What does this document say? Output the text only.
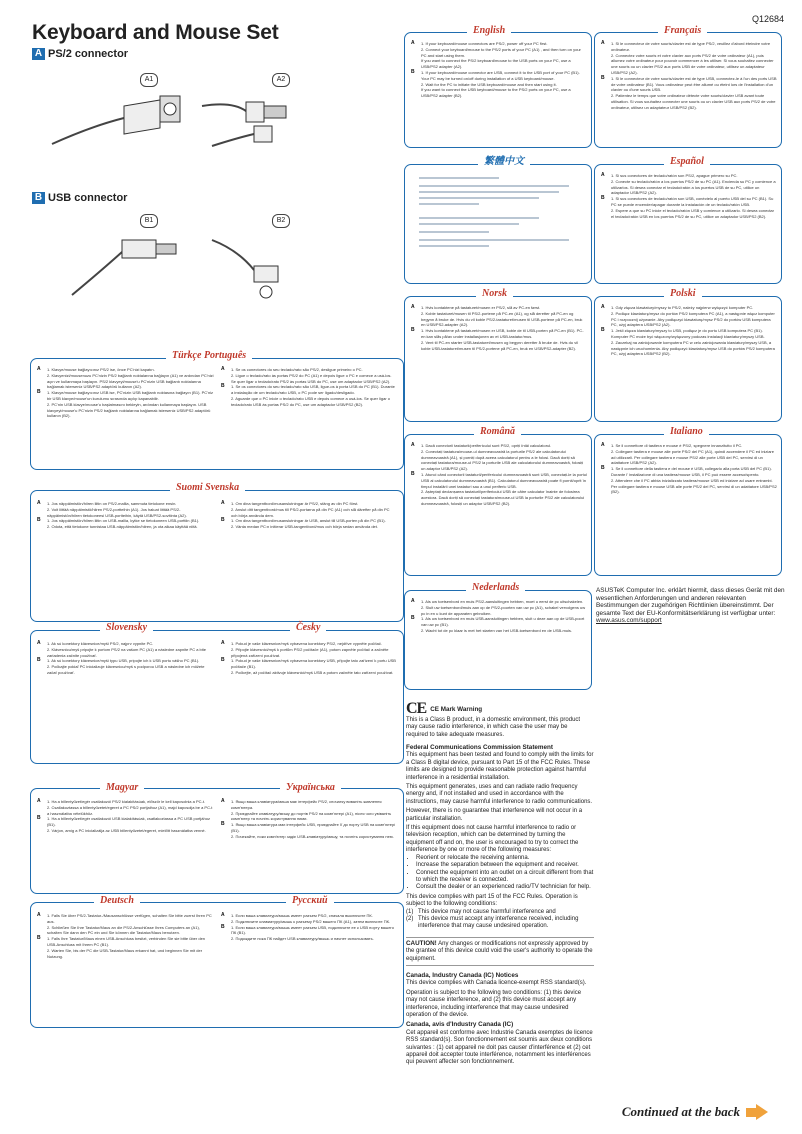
Q12684
Keyboard and Mouse Set
A PS/2 connector
A1	A2
B USB connector
B1	B2
A	1. If your keyboard/mouse connectors are PS/2, power off your PC first.
2. Connect your keyboard/mouse to the PS/2 ports of your PC (A1) , and then turn on your PC and start using them.
If you want to connect the PS/2 keyboard/mouse to the USB ports on your PC, use a USB/PS2 adapter (A2).
B	1. If your keyboard/mouse connector are USB, connect it to the USB port of your PC (B1). Your PC may be turned on/off during installation of a USB keyboard/mouse.
2. Wait for the PC to initiate the USB keyboard/mouse and then start using it.
If you want to connect the USB keyboard/mouse to the PS/2 ports on your PC, use a USB/PS2 adapter (B2).
English
A	1. Si le connecteur de votre souris/clavier est de type PS/2, veuillez d'abord éteindre votre ordinateur.
2. Connectez votre souris et votre clavier aux ports PS/2 de votre ordinateur (A1), puis allumez votre ordinateur pour pouvoir commencer à les utiliser. Si vous souhaitez connecter une souris ou un clavier PS/2 aux ports USB de votre ordinateur, utilisez un adaptateur USB/PS2 (A2).
B	1. Si le connecteur de votre souris/clavier est de type USB, connectez-le à l'un des ports USB de votre ordinateur (B1). Vous ordinateur peut être allumé ou éteint lors de l'installation d'un clavier ou d'une souris USB.
2. Patientez le temps que votre ordinateur détecte votre souris/clavier USB avant toute utilisation. Si vous souhaitez connecter une souris ou un clavier USB aux ports PS/2 de votre ordinateur, utilisez un adaptateur USB/PS2 (B2).
Français
繁體中文
A	1. Si sus conectores de teclado/ratón son PS/2, apague primero su PC.
2. Conecte su teclado/ratón a los puertos PS/2 de su PC (A1). Encienda su PC y comience a utilizarlos. Si desea conectar el teclado/ratón a los puertos USB de su PC, utilice un adaptador USB/PS2 (A2).
B	1. Si sus conectores de teclado/ratón son USB, conéctelo al puerto USB del su PC (B1). Su PC se puede encender/apagar durante la instalación de un teclado/ratón USB.
2. Espere a que su PC inicie el teclado/ratón USB y comience a utilizarlo. Si desea conectar el teclado/ratón USB en los puertos PS/2 de su PC, utilice un adaptador USB/PS2 (B2).
Español
A	1. Hvis kontaktene på tastaturet/musen er PS/2, slå av PC-en først.
2. Koble tastaturet/musen til PS/2-portene på PC-en (A1), og slå deretter på PC-en og begynn å bruke de. Hvis du vil koble PS/2-tastaturet/musen til USB-portene på PC-en, bruk en USB/PS2-adapter (A2).
B	1. Hvis kontaktene på tastaturet/musen er USB, koble de til USB-porten på PC-en (B1). PC-en kan slås på/av under installasjonen av et USB-tastatur/mus.
2. Vent til PC-en starter USB-tastaturet/musen og begynn deretter å bruke de. Hvis du vil koble USB-tastaturet/musen til PS/2-portene på PC-en, bruk en USB/PS2-adapter (B2).
Norsk
A	1. Gdy złącza klawiatury/myszy to PS/2, należy najpierw wyłączyć komputer PC.
2. Podłącz klawiaturę/mysz do portów PS/2 komputera PC (A1), a następnie włącz komputer PC i rozpocznij używanie. Aby podłączyć klawiaturę/mysz PS/2 do portów USB komputera PC, użyj adaptera USB/PS2 (A2).
B	1. Jeśli złącza klawiatury/myszy to USB, podłącz je do portu USB komputera PC (B1). Komputer PC może być włączony/wyłączony podczas instalacji klawiatury/myszy USB.
2. Zaczekaj na zainicjowanie komputera PC w celu zainicjowania klawiatury/myszy USB, a następnie ich uruchomienia. Aby podłączyć klawiaturę/mysz USB do portów PS/2 komputera PC, użyj adaptera USB/PS2 (B2).
Polski
A	1. Klavye/mouse bağlayıcınız PS/2 ise, önce PC'nizi kapatın.
2. Klavyenizi/mousenuzu PC'nizin PS/2 bağlantı noktalarına bağlayın (A1) ve ardından PC'nizi açın ve kullanmaya başlayın. PS/2 klavyeyi/mouse'u PC'nizin USB bağlantı noktalarına bağlamak isterseniz USB/PS2 adaptörü kullanın (A2).
B	1. Klavye/mouse bağlayıcınız USB ise, PC'nizin USB bağlantı noktasına bağlayın (B1). PC'niz bir USB klavye/mouse'un kurulumu sırasında açılıp kapanabilir.
2. PC'nin USB klavye/mouse'u başlatmasını bekleyin, ardından kullanmaya başlayın. USB klavyeyi/mouse'u PC'nizin PS/2 bağlantı noktalarına bağlamak isterseniz USB/PS2 adaptörü kullanın (B2).
A	1. Se os conectores do seu teclado/rato são PS/2, desligue primeiro o PC.
2. Ligue o teclado/rato às portas PS/2 do PC (A1) e depois ligue o PC e comece a usá-los. Se quer ligar o teclado/rato PS/2 às portas USB do PC, use um adaptador USB/PS2 (A2).
B	1. Se os conectores do seu teclado/rato são USB, ligue-os à porta USB do PC (B1). Durante a instalação de um teclado/rato USB, o PC pode ser ligado/desligado.
2. Aguarde que o PC inicie o teclado/rato USB e depois comece a usá-los. Se quer ligar o teclado/rato USB às portas PS/2 do PC, use um adaptador USB/PS2 (B2).
Türkçe Português
A	1. Dacă conectorii tastaturii/perifericului sunt PS/2, opriți întâi calculatorul.
2. Conectați tastatura/mouse-ul dumneavoastră la porturile PS/2 ale calculatorului dumneavoastră (A1), și porniți după aceea calculatorul pentru a le folosi. Dacă doriți să conectați tastatura/mouse-ul PS/2 la porturile USB ale calculatorului dumneavoastră, folosiți un adaptor USB/PS2 (A2).
B	1. Atunci când conectorii tastaturii/perifericului dumneavoastră sunt USB, conectați-le la portul USB al calculatorului dumneavoastră (B1). Calculatorul dumneavoastră poate fi pornit/oprit în timpul instalării unei tastaturi sau a unui periferic USB.
2. Așteptați declanșarea tastaturii/perifericului USB de către calculator înainte de folosirea acestora. Dacă doriți să conectați tastatura/mouse-ul USB la porturile PS/2 ale calculatorului dumneavoastră, folosiți un adaptor USB/PS2 (B2).
Română
A	1. Se il connettore di tastiera e mouse è PS/2, spegnere innanzitutto il PC.
2. Collegare tastiera e mouse alle porte PS/2 del PC (A1), quindi accendere il PC ed iniziare ad utilizzarli. Per collegare tastiera e mouse PS/2 alle porte USB del PC, servirsi di un adattatore USB/PS2 (A2).
B	1. Se il connettore della tastiera e del mouse è USB, collegarlo alla porta USB del PC (B1). Durante l' installazione di una tastiera/mouse USB, il PC può essere acceso/spento.
2. Attendere che il PC abbia inizializzato tastiera/mouse USB ed iniziare ad usare entrambi. Per collegare tastiera e mouse USB alle porte PS/2 del PC, servirsi di un adattatore USB/PS2 (B2).
Italiano
A	1. Jos näppäimistön/hiiren liitin on PS/2-mallia, sammuta tietokone ensin.
2. Voit liittää näppäimistö/hiiren PS/2-portteihin (A1). Jos haluat liittää PS/2-näppäimistön/hiiren tietokoneesi USB-portteihin, käytä USB/PS2-sovitinta (A2).
B	1. Jos näppäimistön/hiiren liitin on USB-mallia, kytke se tietokoneen USB-porttiin (B1).
2. Odota, että tietokone tunnistaa USB-näppäimistön/hiiren, ja ota alkaa käyttää niitä.
A	1. Om dina tangentbord/musanslutningar är PS/2, stäng av din PC först.
2. Anslut ditt tangentbord/mus till PS/2-portarna på din PC (A1) och slå därefter på din PC och börja använda dem.
B	1. Om dina tangentbord/musanslutningar är USB, anslut till USB-porten på din PC (B1).
2. Vänta medan PC:n initierar USB-tangentbord/mus och börja sedan använda det.
Suomi Svenska
ASUSTeK Computer Inc. erklärt hiermit, dass dieses Gerät mit den wesentlichen Anforderungen und anderen relevanten Bestimmungen der zugehörigen Richtlinien übereinstimmt. Der gesamte Text der EU-Konformitätserklärung ist verfügbar unter: www.asus.com/support
A	1. Als uw toetsenbord en muis PS/2-aansluitingen hebben, moet u eerst de pc uitschakelen.
2. Sluit uw toetsenbord/muis aan op de PS/2-poorten van uw pc (A1), schakel vervolgens uw pc in en u kunt de apparaten gebruiken.
B	1. Als uw toetsenbord en muis USB-aansluitingen hebben, sluit u deze aan op de USB-poort van uw pc (B1).
2. Wacht tot de pc klaar is met het starten van het USB-toetsenbord en de USB-muis.
Nederlands
A	1. Ak sú konektory klávesnice/myši PS/2, najprv vypnite PC.
2. Klávesnicu/myš pripojte k portom PS/2 na vašom PC (A1) a následne zapnite PC a bite zariadenia začnite používať.
B	1. Ak sú konektory klávesnice/myši typu USB, pripojte ich k USB portu vášho PC (B1).
2. Počkajte pokiaľ PC inicializuje klávesnicu/myš s podporou USB a následne ich môžete začať používať.
A	1. Pokud je vaše klávesnice/myš vybavena konektory PS/2, nejdříve vypněte počítač.
2. Připojte klávesnici/myš k portům PS/2 počítače (A1), potom zapněte počítač a začněte připojená zařízení používat.
B	1. Pokud je vaše klávesnice/myš vybavena konektory USB, připojte tato zařízení k portu USB počítače (B1).
2. Počkejte, až počítač aktivuje klávesnici/myš USB a potom začněte tato zařízení používat.
Slovensky	Česky
CE CE Mark Warning
This is a Class B product, in a domestic environment, this product may cause radio interference, in which case the user may be required to take adequate measures.
Federal Communications Commission Statement
This equipment has been tested and found to comply with the limits for a Class B digital device, pursuant to Part 15 of the FCC Rules. These limits are designed to provide reasonable protection against harmful interference in a residential installation.
This equipment generates, uses and can radiate radio frequency energy and, if not installed and used in accordance with the instructions, may cause harmful interference to radio communications.
However, there is no guarantee that interference will not occur in a particular installation.
If this equipment does not cause harmful interference to radio or television reception, which can be determined by turning the equipment off and on, the user is encouraged to try to correct the interference by one or more of the following measures:
• Reorient or relocate the receiving antenna.
• Increase the separation between the equipment and receiver.
• Connect the equipment into an outlet on a circuit different from that to which the receiver is connected.
• Consult the dealer or an experienced radio/TV technician for help.
This device complies with part 15 of the FCC Rules. Operation is subject to the following conditions:
(1) This device may not cause harmful interference and
(2) This device must accept any interference received, including interference that may cause undesired operation.
CAUTION! Any changes or modifications not expressly approved by the grantee of this device could void the user's authority to operate the equipment.
Canada, Industry Canada (IC) Notices
This device complies with Canada licence-exempt RSS standard(s).
Operation is subject to the following two conditions: (1) this device may not cause interference, and (2) this device must accept any interference, including interference that may cause undesired operation of the device.
Canada, avis d'Industry Canada (IC)
Cet appareil est conforme avec Industrie Canada exemptes de licence RSS standard(s). Son fonctionnement est soumis aux deux conditions suivantes : (1) cet appareil ne doit pas causer d'interférence et (2) cet appareil doit accepter toute interférence, notamment les interférences qui peuvent affecter son fonctionnement.
A	1. Ha a billentyűzet/egér csatlakozói PS/2 kialakításúak, először le kell kapcsolnia a PC-t.
2. Csatlakoztassa a billentyűzetet/egeret a PC PS/2 portjaihoz (A1), majd kapcsolja be a PC-t a használatba vételükhöz.
B	1. Ha a billentyűzet/egér csatlakozói USB kialakításúak, csatlakoztassa a PC USB portjához (B1).
2. Várjon, amíg a PC inicializálja az USB billentyűzetet/egeret, mielőtt használatba venné.
A	1. Якщо ваша клавіатура/миша має інтерфейс PS/2, спочатку вимкніть живлення комп'ютера.
2. Приєднайте клавіатуру/мишу до портів PS/2 на комп'ютері (A1), після чого увімкніть комп'ютер та почніть користування ними.
B	1. Якщо ваша клавіатура має інтерфейс USB, приєднайте її до порту USB на комп'ютері (B1).
2. Почекайте, поки комп'ютер задіє USB-клавіатуру/мишу, та почніть користування нею.
Magyar	Українська
A	1. Falls Sie über PS/2-Tastatur-/Mausanschlüsse verfügen, schalten Sie bitte zuerst Ihren PC aus.
2. Schließen Sie Ihre Tastatur/Maus an die PS/2-Anschlüsse Ihres Computers an (A1), schalten Sie dann den PC ein und Sie können die Tastatur/Maus benutzen.
B	1. Falls Ihre Tastatur/Maus einen USB-Anschluss besitzt, verbinden Sie sie bitte über den USB-Anschluss mit Ihrem PC (B1).
2. Warten Sie, bis der PC die USB-Tastatur/Maus erkannt hat, und beginnen Sie mit der Nutzung.
A	1. Если ваша клавиатура/мышь имеет разъем PS/2, сначала выключите ПК.
2. Подключите клавиатуру/мышь к разъему PS/2 вашего ПК (A1), затем включите ПК.
B	1. Если ваша клавиатура/мышь имеет разъем USB, подключите ее к USB порту вашего ПК (B1).
2. Подождите пока ПК найдет USB клавиатуру/мышь и начнет использовать.
Deutsch	Русский
Continued at the back
